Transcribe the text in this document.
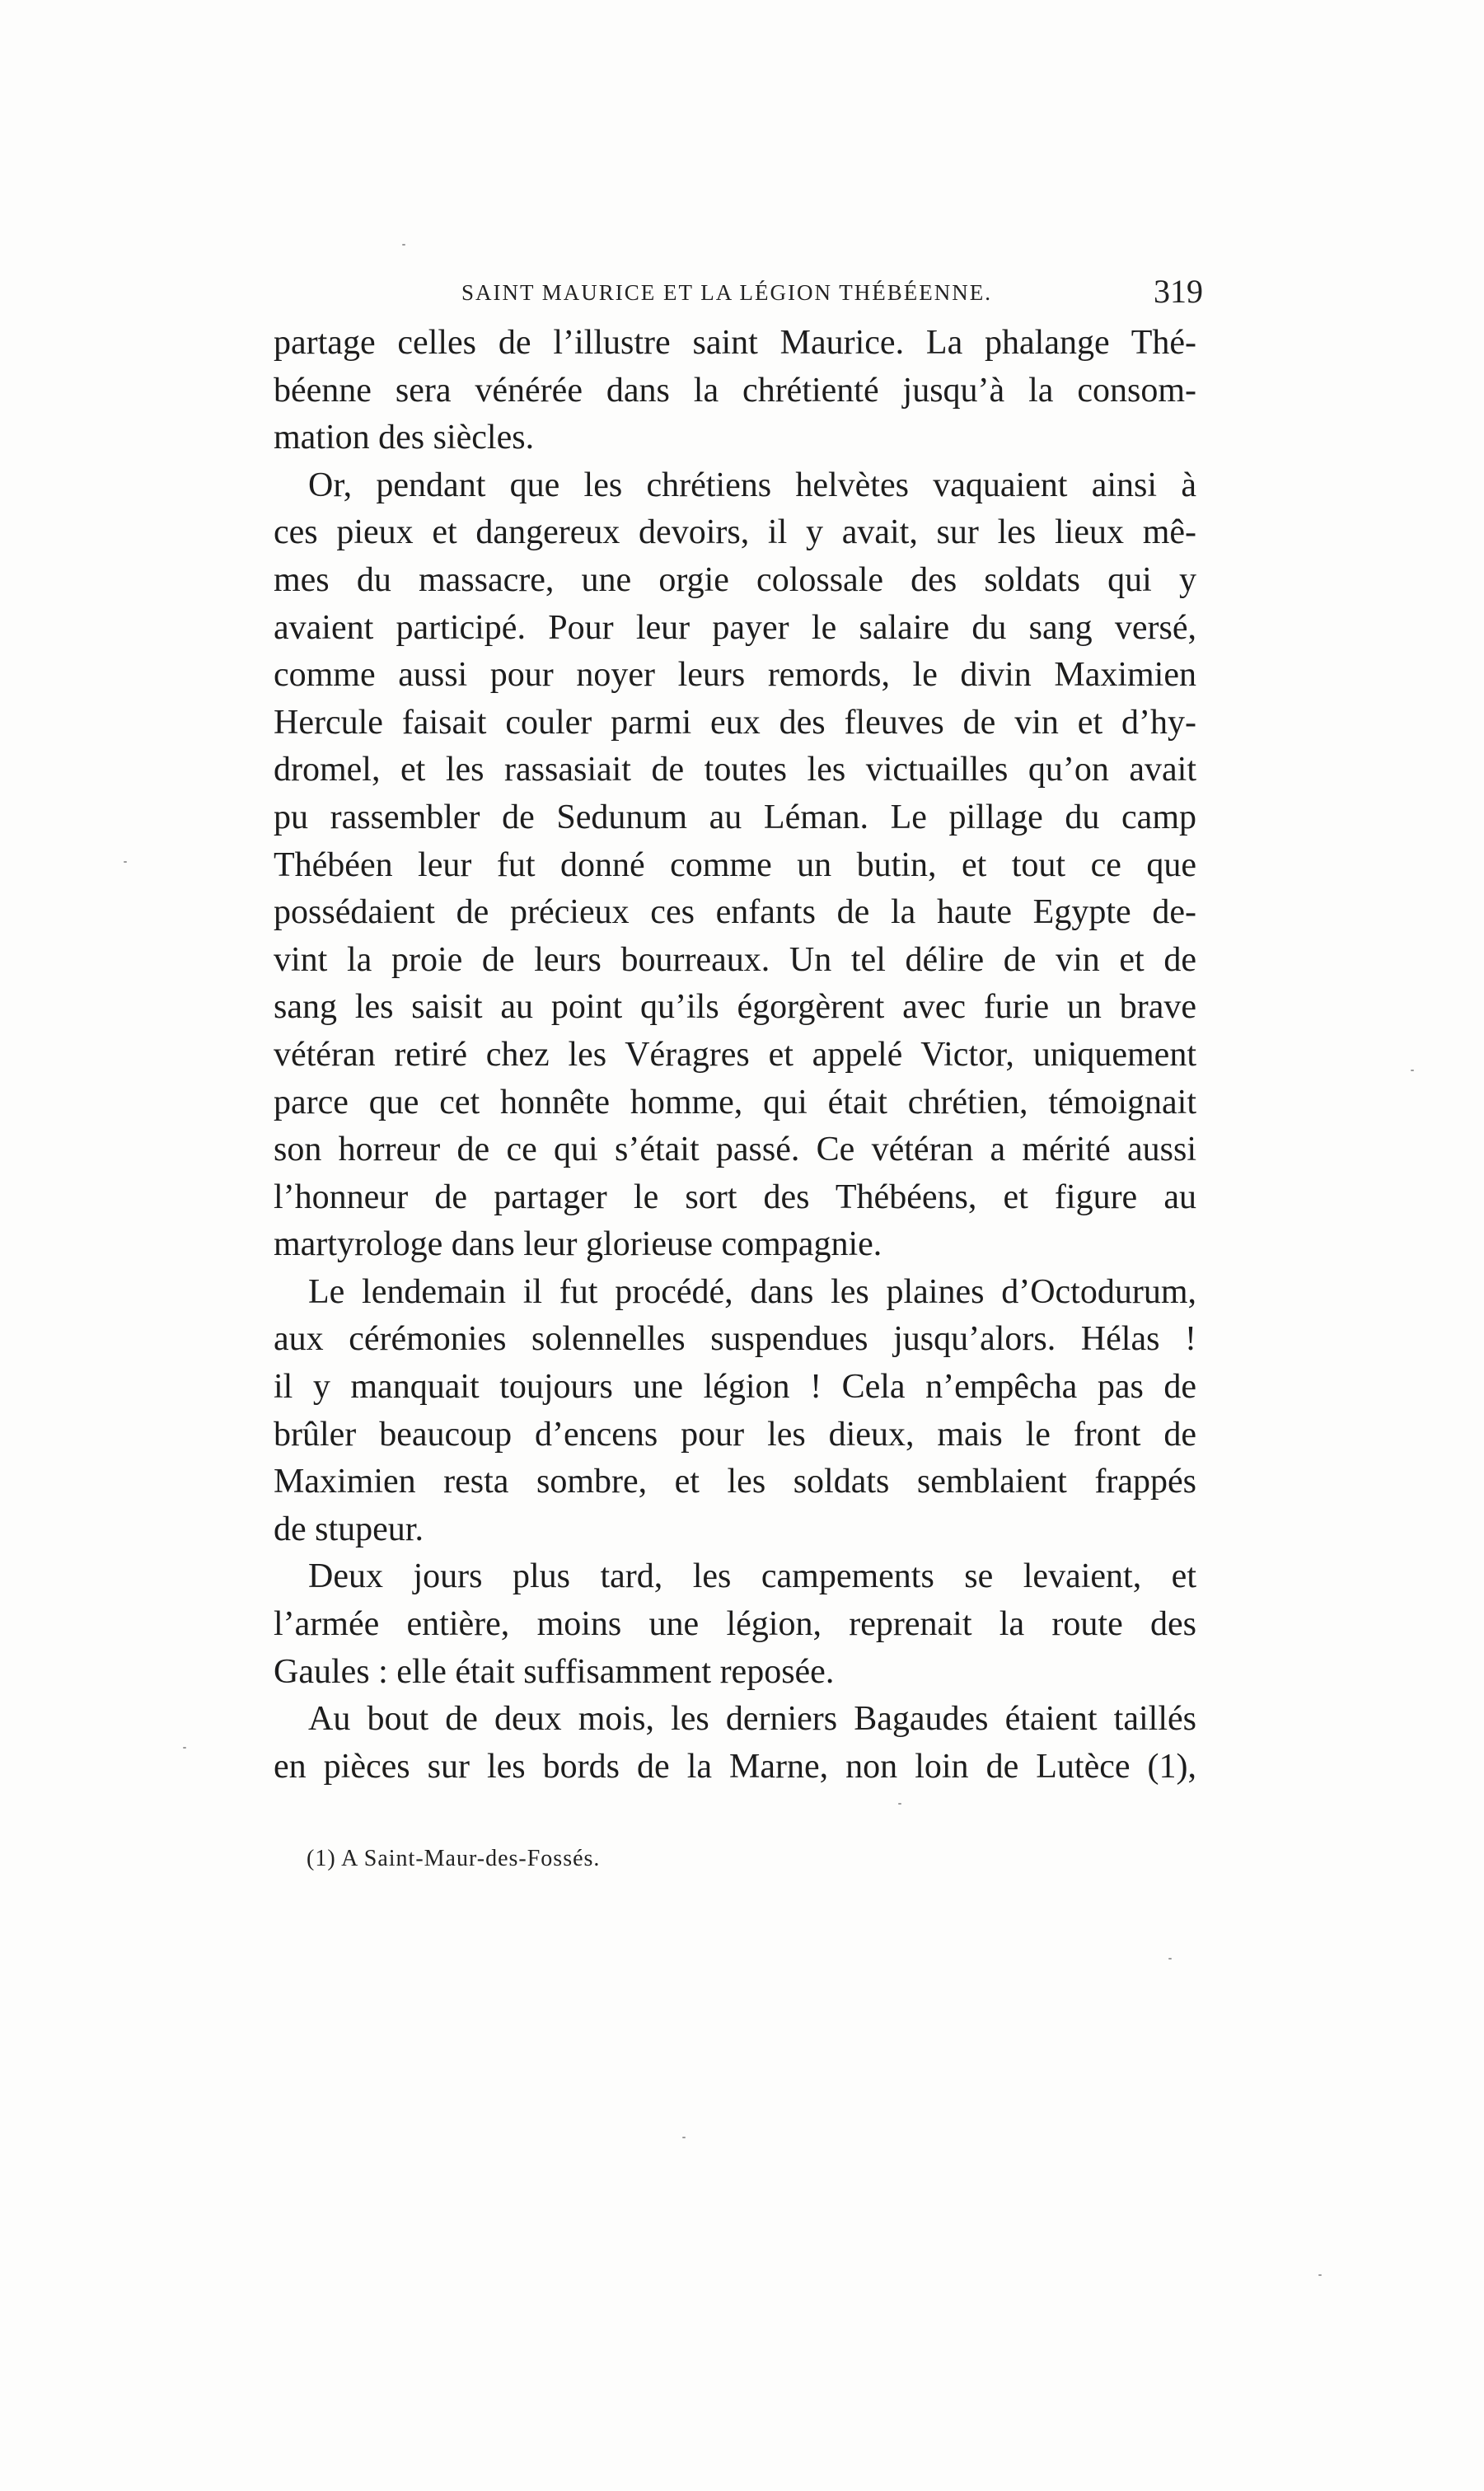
SAINT MAURICE ET LA LÉGION THÉBÉENNE.	319
partage celles de l’illustre saint Maurice. La phalange Thé-
béenne sera vénérée dans la chrétienté jusqu’à la consom-
mation des siècles.
Or, pendant que les chrétiens helvètes vaquaient ainsi à
ces pieux et dangereux devoirs, il y avait, sur les lieux mê-
mes du massacre, une orgie colossale des soldats qui y
avaient participé. Pour leur payer le salaire du sang versé,
comme aussi pour noyer leurs remords, le divin Maximien
Hercule faisait couler parmi eux des fleuves de vin et d’hy-
dromel, et les rassasiait de toutes les victuailles qu’on avait
pu rassembler de Sedunum au Léman. Le pillage du camp
Thébéen leur fut donné comme un butin, et tout ce que
possédaient de précieux ces enfants de la haute Egypte de-
vint la proie de leurs bourreaux. Un tel délire de vin et de
sang les saisit au point qu’ils égorgèrent avec furie un brave
vétéran retiré chez les Véragres et appelé Victor, uniquement
parce que cet honnête homme, qui était chrétien, témoignait
son horreur de ce qui s’était passé. Ce vétéran a mérité aussi
l’honneur de partager le sort des Thébéens, et figure au
martyrologe dans leur glorieuse compagnie.
Le lendemain il fut procédé, dans les plaines d’Octodurum,
aux cérémonies solennelles suspendues jusqu’alors. Hélas !
il y manquait toujours une légion ! Cela n’empêcha pas de
brûler beaucoup d’encens pour les dieux, mais le front de
Maximien resta sombre, et les soldats semblaient frappés
de stupeur.
Deux jours plus tard, les campements se levaient, et
l’armée entière, moins une légion, reprenait la route des
Gaules : elle était suffisamment reposée.
Au bout de deux mois, les derniers Bagaudes étaient taillés
en pièces sur les bords de la Marne, non loin de Lutèce (1),
(1) A Saint-Maur-des-Fossés.
